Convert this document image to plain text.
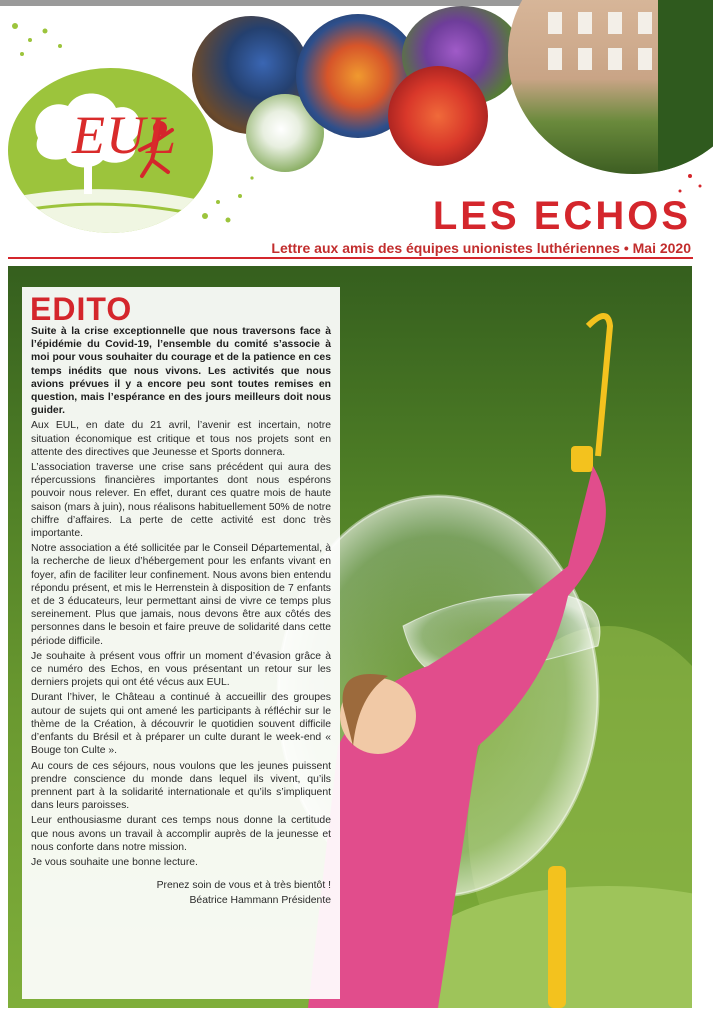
EUL
LES ECHOS
Lettre aux amis des équipes unionistes luthériennes • Mai 2020
EDITO

Suite à la crise exceptionnelle que nous traversons face à l’épidémie du Covid-19, l’ensemble du comité s’associe à moi pour vous souhaiter du courage et de la patience en ces temps inédits que nous vivons. Les activités que nous avions prévues il y a encore peu sont toutes remises en question, mais l’espérance en des jours meilleurs doit nous guider.

Aux EUL, en date du 21 avril, l’avenir est incertain, notre situation économique est critique et tous nos projets sont en attente des directives que Jeunesse et Sports donnera.

L’association traverse une crise sans précédent qui aura des répercussions financières importantes dont nous espérons pouvoir nous relever. En effet, durant ces quatre mois de haute saison (mars à juin), nous réalisons habituellement 50% de notre chiffre d’affaires. La perte de cette activité est donc très importante.

Notre association a été sollicitée par le Conseil Départemental, à la recherche de lieux d’hébergement pour les enfants vivant en foyer, afin de faciliter leur confinement. Nous avons bien entendu répondu présent, et mis le Herrenstein à disposition de 7 enfants et de 3 éducateurs, leur permettant ainsi de vivre ce temps plus sereinement. Plus que jamais, nous devons être aux côtés des personnes dans le besoin et faire preuve de solidarité dans cette période difficile.

Je souhaite à présent vous offrir un moment d’évasion grâce à ce numéro des Echos, en vous présentant un retour sur les derniers projets qui ont été vécus aux EUL.

Durant l’hiver, le Château a continué à accueillir des groupes autour de sujets qui ont amené les participants à réfléchir sur le thème de la Création, à découvrir le quotidien souvent difficile d’enfants du Brésil et à préparer un culte durant le week-end « Bouge ton Culte ».

Au cours de ces séjours, nous voulons que les jeunes puissent prendre conscience du monde dans lequel ils vivent, qu’ils prennent part à la solidarité internationale et qu’ils s’impliquent dans leurs paroisses.

Leur enthousiasme durant ces temps nous donne la certitude que nous avons un travail à accomplir auprès de la jeunesse et nous conforte dans notre mission.

Je vous souhaite une bonne lecture.

Prenez soin de vous et à très bientôt !

Béatrice Hammann Présidente
